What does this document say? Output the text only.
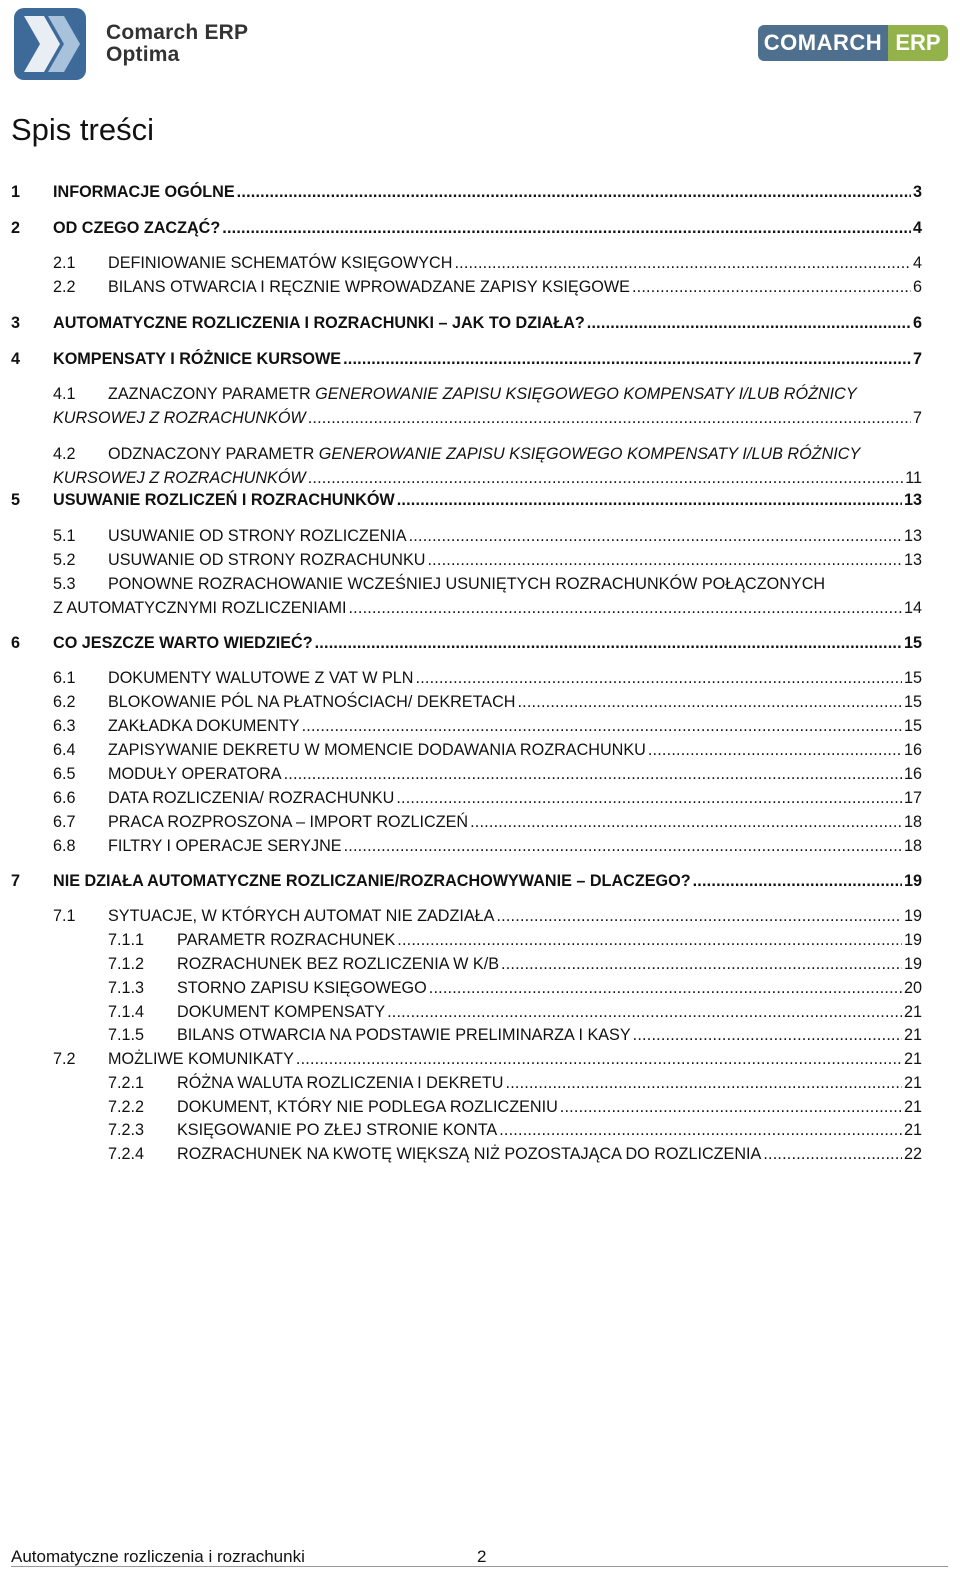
Comarch ERP
Optima	COMARCH ERP
Spis treści
1 INFORMACJE OGÓLNE .....	3
2 OD CZEGO ZACZĄĆ? .....	4
2.1 DEFINIOWANIE SCHEMATÓW KSIĘGOWYCH .....	4
2.2 BILANS OTWARCIA I RĘCZNIE WPROWADZANE ZAPISY KSIĘGOWE .....	6
3 AUTOMATYCZNE ROZLICZENIA I ROZRACHUNKI – JAK TO DZIAŁA? .....	6
4 KOMPENSATY I RÓŻNICE KURSOWE .....	7
4.1 ZAZNACZONY PARAMETR GENEROWANIE ZAPISU KSIĘGOWEGO KOMPENSATY I/LUB RÓŻNICY
KURSOWEJ Z ROZRACHUNKÓW .....	7
4.2 ODZNACZONY PARAMETR GENEROWANIE ZAPISU KSIĘGOWEGO KOMPENSATY I/LUB RÓŻNICY
KURSOWEJ Z ROZRACHUNKÓW .....	11
5 USUWANIE ROZLICZEŃ I ROZRACHUNKÓW .....	13
5.1 USUWANIE OD STRONY ROZLICZENIA .....	13
5.2 USUWANIE OD STRONY ROZRACHUNKU .....	13
5.3 PONOWNE ROZRACHOWANIE WCZEŚNIEJ USUNIĘTYCH ROZRACHUNKÓW POŁĄCZONYCH
Z AUTOMATYCZNYMI ROZLICZENIAMI .....	14
6 CO JESZCZE WARTO WIEDZIEĆ? .....	15
6.1 DOKUMENTY WALUTOWE Z VAT W PLN .....	15
6.2 BLOKOWANIE PÓL NA PŁATNOŚCIACH/ DEKRETACH .....	15
6.3 ZAKŁADKA DOKUMENTY .....	15
6.4 ZAPISYWANIE DEKRETU W MOMENCIE DODAWANIA ROZRACHUNKU .....	16
6.5 MODUŁY OPERATORA .....	16
6.6 DATA ROZLICZENIA/ ROZRACHUNKU .....	17
6.7 PRACA ROZPROSZONA – IMPORT ROZLICZEŃ .....	18
6.8 FILTRY I OPERACJE SERYJNE .....	18
7 NIE DZIAŁA AUTOMATYCZNE ROZLICZANIE/ROZRACHOWYWANIE – DLACZEGO? .....	19
7.1 SYTUACJE, W KTÓRYCH AUTOMAT NIE ZADZIAŁA .....	19
7.1.1 PARAMETR ROZRACHUNEK .....	19
7.1.2 ROZRACHUNEK BEZ ROZLICZENIA W K/B .....	19
7.1.3 STORNO ZAPISU KSIĘGOWEGO .....	20
7.1.4 DOKUMENT KOMPENSATY .....	21
7.1.5 BILANS OTWARCIA NA PODSTAWIE PRELIMINARZA I KASY .....	21
7.2 MOŻLIWE KOMUNIKATY .....	21
7.2.1 RÓŻNA WALUTA ROZLICZENIA I DEKRETU .....	21
7.2.2 DOKUMENT, KTÓRY NIE PODLEGA ROZLICZENIU .....	21
7.2.3 KSIĘGOWANIE PO ZŁEJ STRONIE KONTA .....	21
7.2.4 ROZRACHUNEK NA KWOTĘ WIĘKSZĄ NIŻ POZOSTAJĄCA DO ROZLICZENIA .....	22
Automatyczne rozliczenia i rozrachunki	2
